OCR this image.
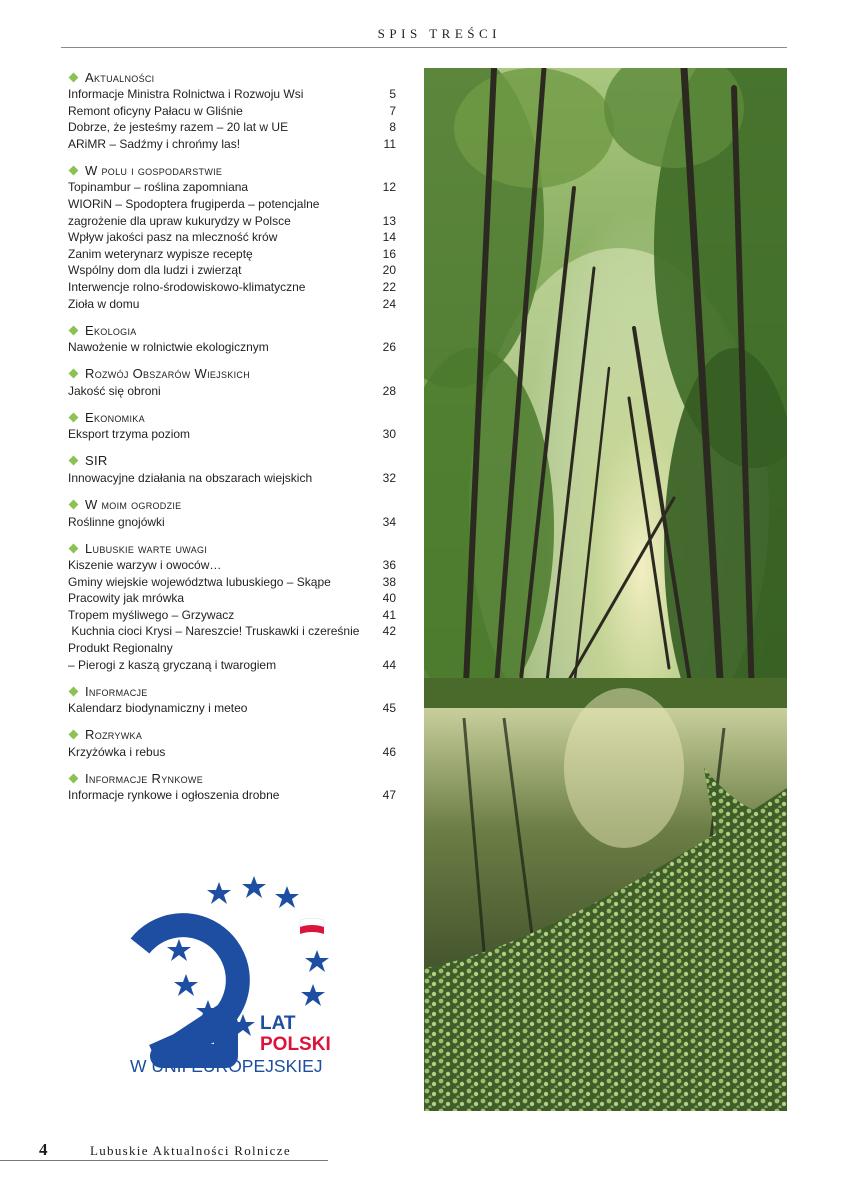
SPIS TREŚCI
Aktualności
Informacje Ministra Rolnictwa i Rozwoju Wsi	5
Remont oficyny Pałacu w Gliśnie	7
Dobrze, że jesteśmy razem – 20 lat w UE	8
ARiMR – Sadźmy i chrońmy las!	11
W polu i gospodarstwie
Topinambur – roślina zapomniana	12
WIORiN – Spodoptera frugiperda – potencjalne zagrożenie dla upraw kukurydzy w Polsce	13
Wpływ jakości pasz na mleczność krów	14
Zanim weterynarz wypisze receptę	16
Wspólny dom dla ludzi i zwierząt	20
Interwencje rolno-środowiskowo-klimatyczne	22
Zioła w domu	24
Ekologia
Nawożenie w rolnictwie ekologicznym	26
Rozwój Obszarów Wiejskich
Jakość się obroni	28
Ekonomika
Eksport trzyma poziom	30
SIR
Innowacyjne działania na obszarach wiejskich	32
W moim ogrodzie
Roślinne gnojówki	34
Lubuskie warte uwagi
Kiszenie warzyw i owoców…	36
Gminy wiejskie województwa lubuskiego – Skąpe	38
Pracowity jak mrówka	40
Tropem myśliwego – Grzywacz	41
Kuchnia cioci Krysi – Nareszcie! Truskawki i czereśnie	42
Produkt Regionalny
– Pierogi z kaszą gryczaną i twarogiem	44
Informacje
Kalendarz biodynamiczny i meteo	45
Rozrywka
Krzyżówka i rebus	46
Informacje Rynkowe
Informacje rynkowe i ogłoszenia drobne	47
LAT
POLSKI
W UNII EUROPEJSKIEJ
4	Lubuskie Aktualności Rolnicze
